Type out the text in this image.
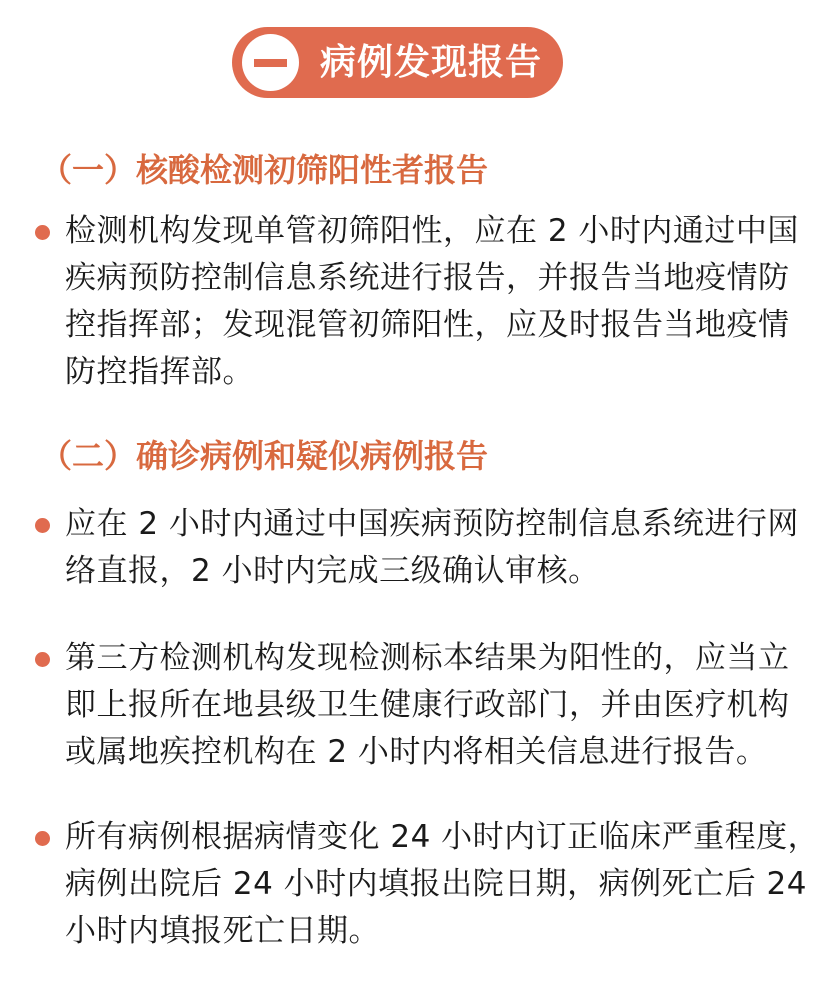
病例发现报告
（一）核酸检测初筛阳性者报告
检测机构发现单管初筛阳性，应在 2 小时内通过中国
疾病预防控制信息系统进行报告，并报告当地疫情防
控指挥部；发现混管初筛阳性，应及时报告当地疫情
防控指挥部。
（二）确诊病例和疑似病例报告
应在 2 小时内通过中国疾病预防控制信息系统进行网
络直报，2 小时内完成三级确认审核。
第三方检测机构发现检测标本结果为阳性的，应当立
即上报所在地县级卫生健康行政部门，并由医疗机构
或属地疾控机构在 2 小时内将相关信息进行报告。
所有病例根据病情变化 24 小时内订正临床严重程度，
病例出院后 24 小时内填报出院日期，病例死亡后 24
小时内填报死亡日期。
